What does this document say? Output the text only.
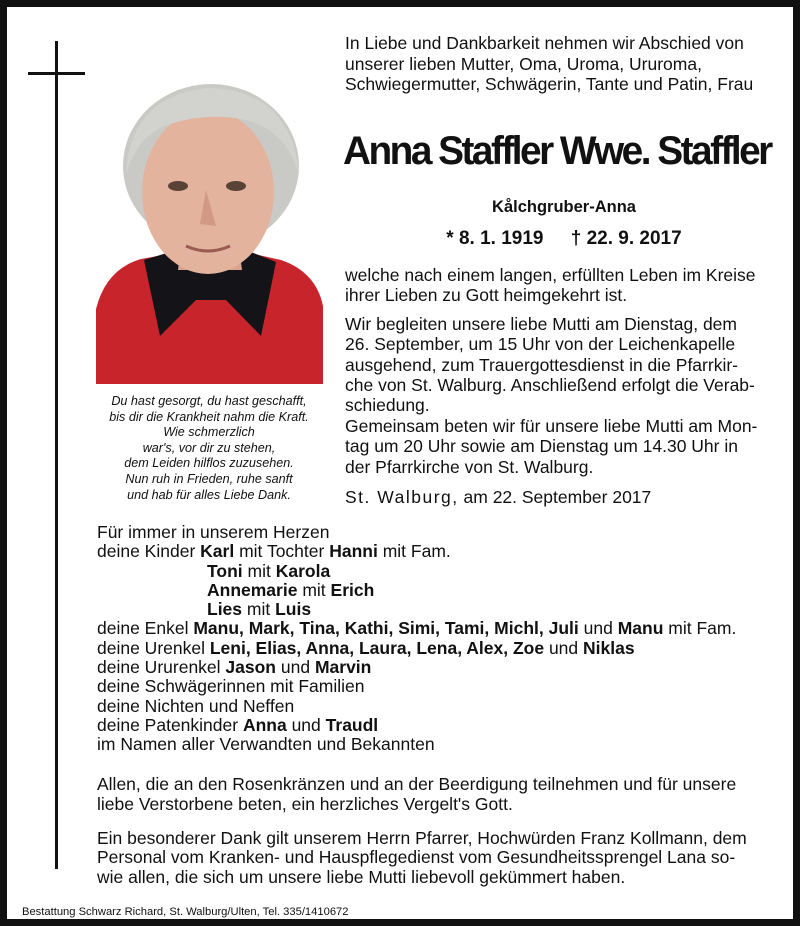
Du hast gesorgt, du hast geschafft,
bis dir die Krankheit nahm die Kraft.
Wie schmerzlich
war's, vor dir zu stehen,
dem Leiden hilflos zuzusehen.
Nun ruh in Frieden, ruhe sanft
und hab für alles Liebe Dank.
In Liebe und Dankbarkeit nehmen wir Abschied von
unserer lieben Mutter, Oma, Uroma, Ururoma,
Schwiegermutter, Schwägerin, Tante und Patin, Frau
Anna Staffler Wwe. Staffler
Kålchgruber-Anna
* 8. 1. 1919 † 22. 9. 2017
welche nach einem langen, erfüllten Leben im Kreise
ihrer Lieben zu Gott heimgekehrt ist.
Wir begleiten unsere liebe Mutti am Dienstag, dem
26. September, um 15 Uhr von der Leichenkapelle
ausgehend, zum Trauergottesdienst in die Pfarrkir-
che von St. Walburg. Anschließend erfolgt die Verab-
schiedung.
Gemeinsam beten wir für unsere liebe Mutti am Mon-
tag um 20 Uhr sowie am Dienstag um 14.30 Uhr in
der Pfarrkirche von St. Walburg.
St. Walburg, am 22. September 2017
Für immer in unserem Herzen
deine Kinder Karl mit Tochter Hanni mit Fam.
Toni mit Karola
Annemarie mit Erich
Lies mit Luis
deine Enkel Manu, Mark, Tina, Kathi, Simi, Tami, Michl, Juli und Manu mit Fam.
deine Urenkel Leni, Elias, Anna, Laura, Lena, Alex, Zoe und Niklas
deine Ururenkel Jason und Marvin
deine Schwägerinnen mit Familien
deine Nichten und Neffen
deine Patenkinder Anna und Traudl
im Namen aller Verwandten und Bekannten
Allen, die an den Rosenkränzen und an der Beerdigung teilnehmen und für unsere
liebe Verstorbene beten, ein herzliches Vergelt's Gott.
Ein besonderer Dank gilt unserem Herrn Pfarrer, Hochwürden Franz Kollmann, dem
Personal vom Kranken- und Hauspflegedienst vom Gesundheitssprengel Lana so-
wie allen, die sich um unsere liebe Mutti liebevoll gekümmert haben.
Bestattung Schwarz Richard, St. Walburg/Ulten, Tel. 335/1410672
